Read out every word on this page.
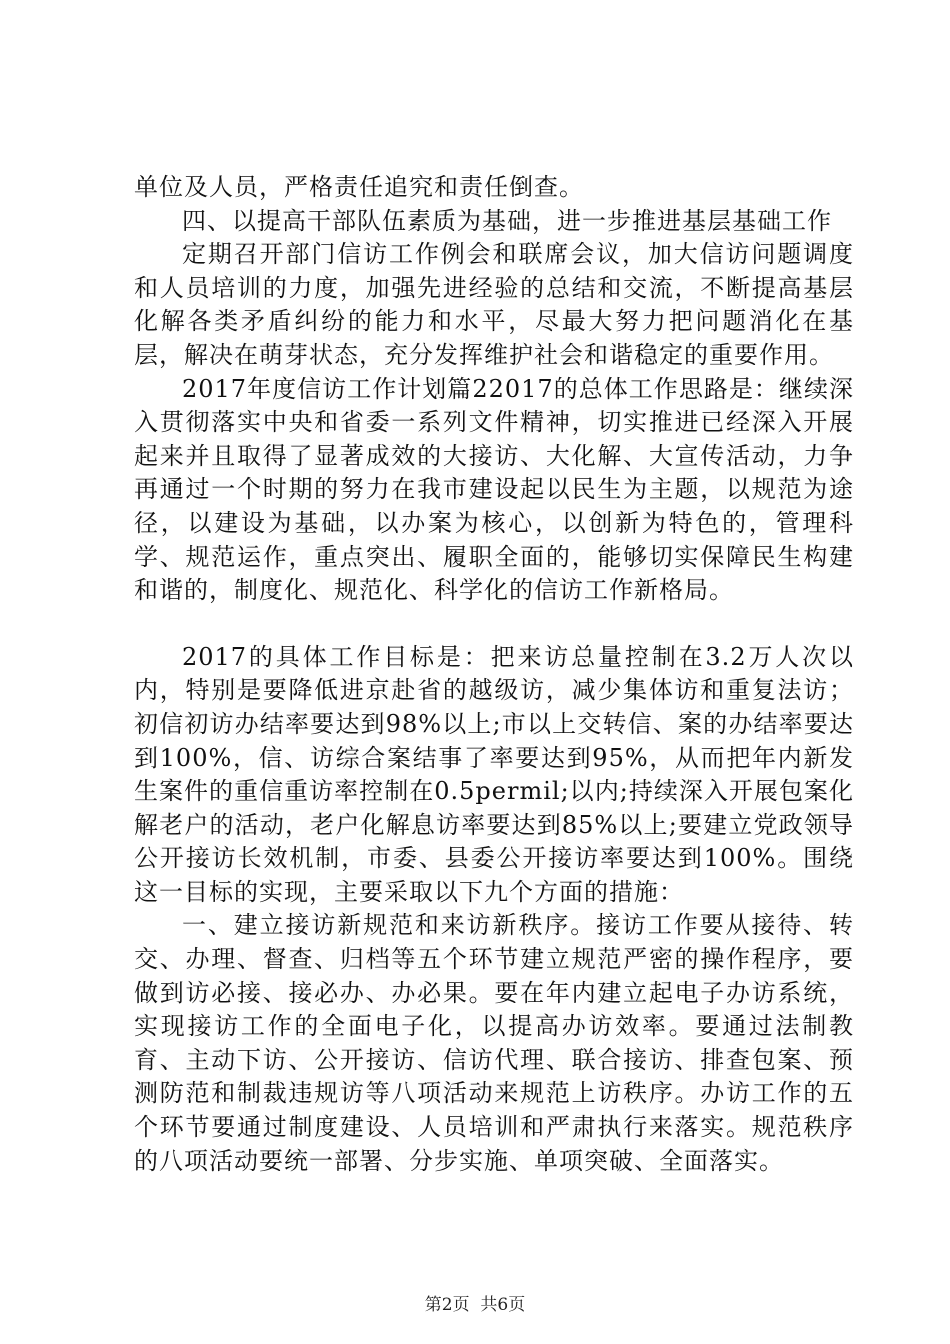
单位及人员，严格责任追究和责任倒查。

四、以提高干部队伍素质为基础，进一步推进基层基础工作

定期召开部门信访工作例会和联席会议，加大信访问题调度和人员培训的力度，加强先进经验的总结和交流，不断提高基层化解各类矛盾纠纷的能力和水平，尽最大努力把问题消化在基层，解决在萌芽状态，充分发挥维护社会和谐稳定的重要作用。

2017年度信访工作计划篇22017的总体工作思路是：继续深入贯彻落实中央和省委一系列文件精神，切实推进已经深入开展起来并且取得了显著成效的大接访、大化解、大宣传活动，力争再通过一个时期的努力在我市建设起以民生为主题，以规范为途径，以建设为基础，以办案为核心，以创新为特色的，管理科学、规范运作，重点突出、履职全面的，能够切实保障民生构建和谐的，制度化、规范化、科学化的信访工作新格局。

2017的具体工作目标是：把来访总量控制在3.2万人次以内，特别是要降低进京赴省的越级访，减少集体访和重复法访；初信初访办结率要达到98%以上;市以上交转信、案的办结率要达到100%，信、访综合案结事了率要达到95%，从而把年内新发生案件的重信重访率控制在0.5permil;以内;持续深入开展包案化解老户的活动，老户化解息访率要达到85%以上;要建立党政领导公开接访长效机制，市委、县委公开接访率要达到100%。围绕这一目标的实现，主要采取以下九个方面的措施：

一、建立接访新规范和来访新秩序。接访工作要从接待、转交、办理、督查、归档等五个环节建立规范严密的操作程序，要做到访必接、接必办、办必果。要在年内建立起电子办访系统，实现接访工作的全面电子化，以提高办访效率。要通过法制教育、主动下访、公开接访、信访代理、联合接访、排查包案、预测防范和制裁违规访等八项活动来规范上访秩序。办访工作的五个环节要通过制度建设、人员培训和严肃执行来落实。规范秩序的八项活动要统一部署、分步实施、单项突破、全面落实。

第2页 共6页
